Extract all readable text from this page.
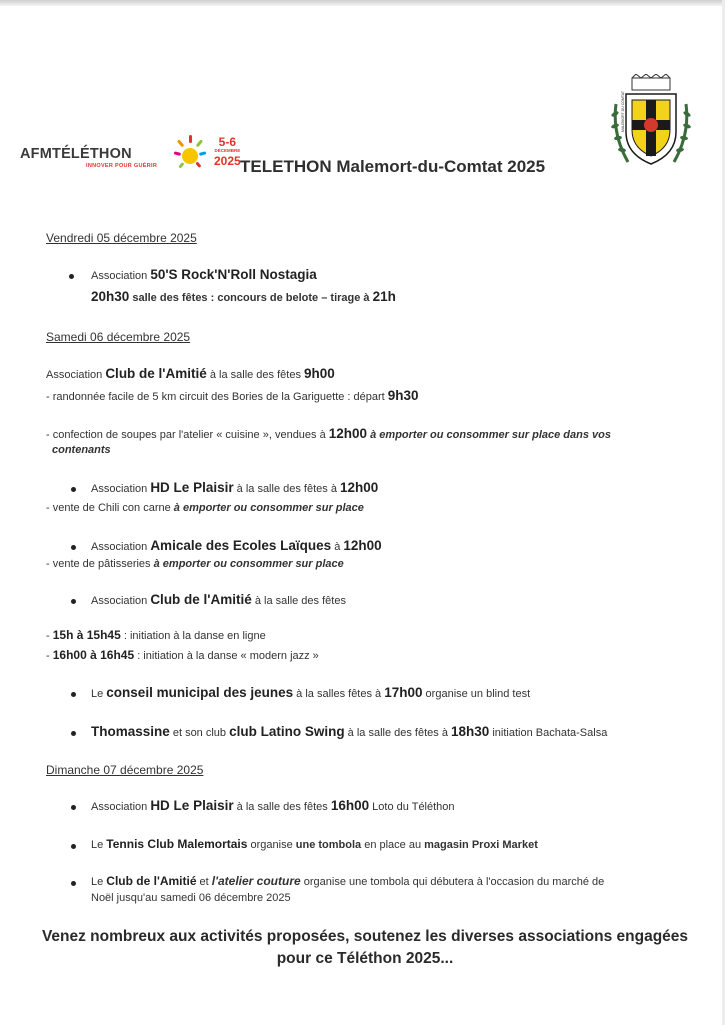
AFMTÉLÉTHON
INNOVER POUR GUÉRIR
5-6
DÉCEMBRE
2025 TELETHON Malemort-du-Comtat 2025
MALEMORT DU COMTAT
Vendredi 05 décembre 2025
Association 50'S Rock'N'Roll Nostagia
20h30 salle des fêtes : concours de belote – tirage à 21h
Samedi 06 décembre 2025
Association Club de l'Amitié à la salle des fêtes 9h00
- randonnée facile de 5 km circuit des Bories de la Gariguette : départ 9h30
- confection de soupes par l'atelier « cuisine », vendues à 12h00 à emporter ou consommer sur place dans vos
contenants
Association HD Le Plaisir à la salle des fêtes à 12h00
- vente de Chili con carne à emporter ou consommer sur place
Association Amicale des Ecoles Laïques à 12h00
- vente de pâtisseries à emporter ou consommer sur place
Association Club de l'Amitié à la salle des fêtes
- 15h à 15h45 : initiation à la danse en ligne
- 16h00 à 16h45 : initiation à la danse « modern jazz »
Le conseil municipal des jeunes à la salles fêtes à 17h00 organise un blind test
Thomassine et son club club Latino Swing à la salle des fêtes à 18h30 initiation Bachata-Salsa
Dimanche 07 décembre 2025
Association HD Le Plaisir à la salle des fêtes 16h00 Loto du Téléthon
Le Tennis Club Malemortais organise une tombola en place au magasin Proxi Market
Le Club de l'Amitié et l'atelier couture organise une tombola qui débutera à l'occasion du marché de
Noël jusqu'au samedi 06 décembre 2025
Venez nombreux aux activités proposées, soutenez les diverses associations engagées
pour ce Téléthon 2025...
